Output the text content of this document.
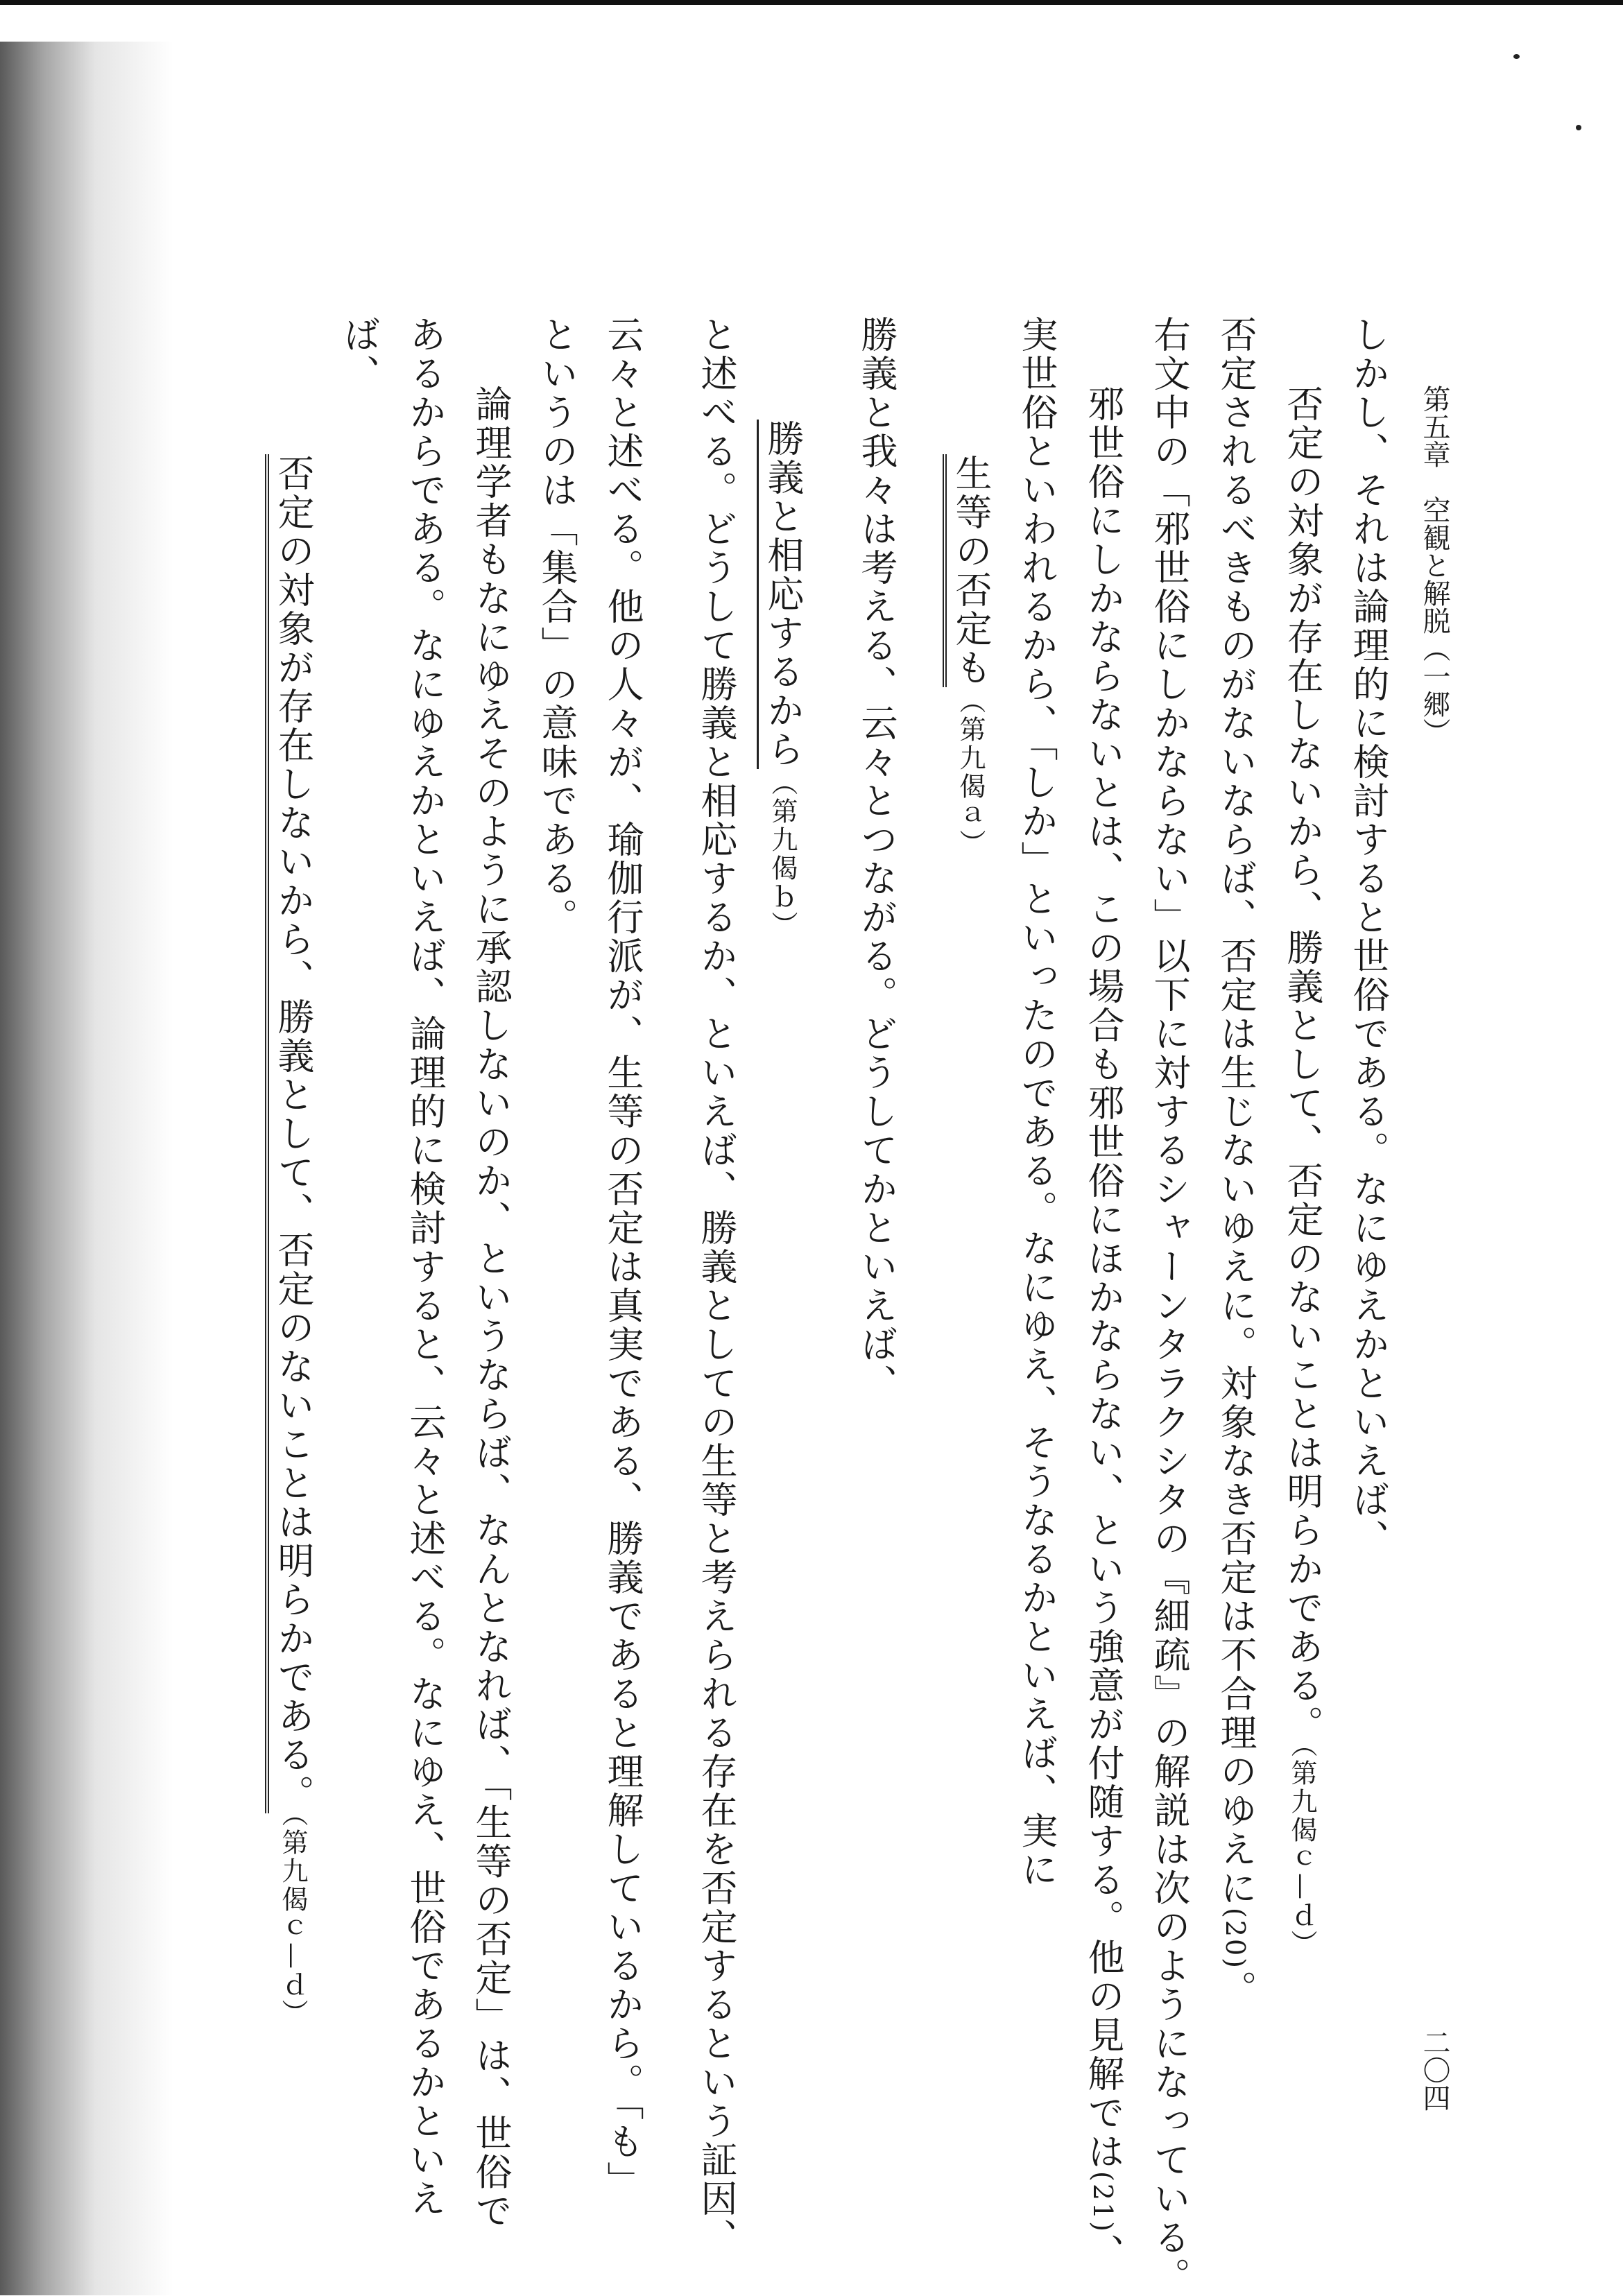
第五章　空観と解脱（一郷）
二〇四
しかし、それは論理的に検討すると世俗である。なにゆえかといえば、
否定の対象が存在しないから、勝義として、否定のないことは明らかである。（第九偈ｃ—ｄ）
否定されるべきものがないならば、否定は生じないゆえに。対象なき否定は不合理のゆえに(20)。
右文中の「邪世俗にしかならない」以下に対するシャーンタラクシタの『細疏』の解説は次のようになっている。
邪世俗にしかならないとは、この場合も邪世俗にほかならない、という強意が付随する。他の見解では(21)、
実世俗といわれるから、「しか」といったのである。なにゆえ、そうなるかといえば、実に
生等の否定も（第九偈ａ）
勝義と我々は考える、云々とつながる。どうしてかといえば、
勝義と相応するから（第九偈ｂ）
と述べる。どうして勝義と相応するか、といえば、勝義としての生等と考えられる存在を否定するという証因、
云々と述べる。他の人々が、瑜伽行派が、生等の否定は真実である、勝義であると理解しているから。「も」
というのは「集合」の意味である。
論理学者もなにゆえそのように承認しないのか、というならば、なんとなれば、「生等の否定」は、世俗で
あるからである。なにゆえかといえば、論理的に検討すると、云々と述べる。なにゆえ、世俗であるかといえ
ば、
否定の対象が存在しないから、勝義として、否定のないことは明らかである。（第九偈ｃ—ｄ）
